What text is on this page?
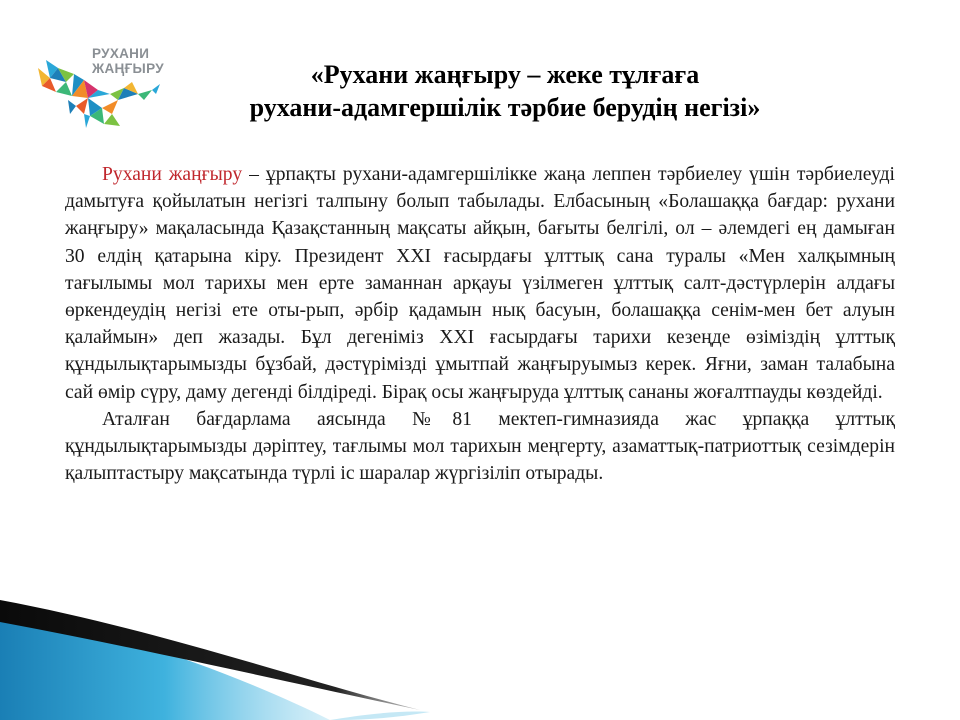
РУХАНИ
ЖАҢҒЫРУ	«Рухани жаңғыру – жеке тұлғаға
рухани-адамгершілік тәрбие берудің негізі»

Рухани жаңғыру – ұрпақты рухани-адамгершілікке жаңа леппен тәрбиелеу үшін тәрбиелеуді дамытуға қойылатын негізгі талпыну болып табылады. Елбасының «Болашаққа бағдар: рухани жаңғыру» мақаласында Қазақстанның мақсаты айқын, бағыты белгілі, ол – әлемдегі ең дамыған 30 елдің қатарына кіру. Президент XXI ғасырдағы ұлттық сана туралы «Мен халқымның тағылымы мол тарихы мен ерте заманнан арқауы үзілмеген ұлттық салт-дәстүрлерін алдағы өркендеудің негізі ете оты-рып, әрбір қадамын нық басуын, болашаққа сенім-мен бет алуын қалаймын» деп жазады. Бұл дегеніміз XXI ғасырдағы тарихи кезеңде өзіміздің ұлттық құндылықтарымызды бұзбай, дәстүрімізді ұмытпай жаңғыруымыз керек. Яғни, заман талабына сай өмір сүру, даму дегенді білдіреді. Бірақ осы жаңғыруда ұлттық сананы жоғалтпауды көздейді.

Аталған бағдарлама аясында №81 мектеп-гимназияда жас ұрпаққа ұлттық құндылықтарымызды дәріптеу, тағлымы мол тарихын меңгерту, азаматтық-патриоттық сезімдерін қалыптастыру мақсатында түрлі іс шаралар жүргізіліп отырады.
